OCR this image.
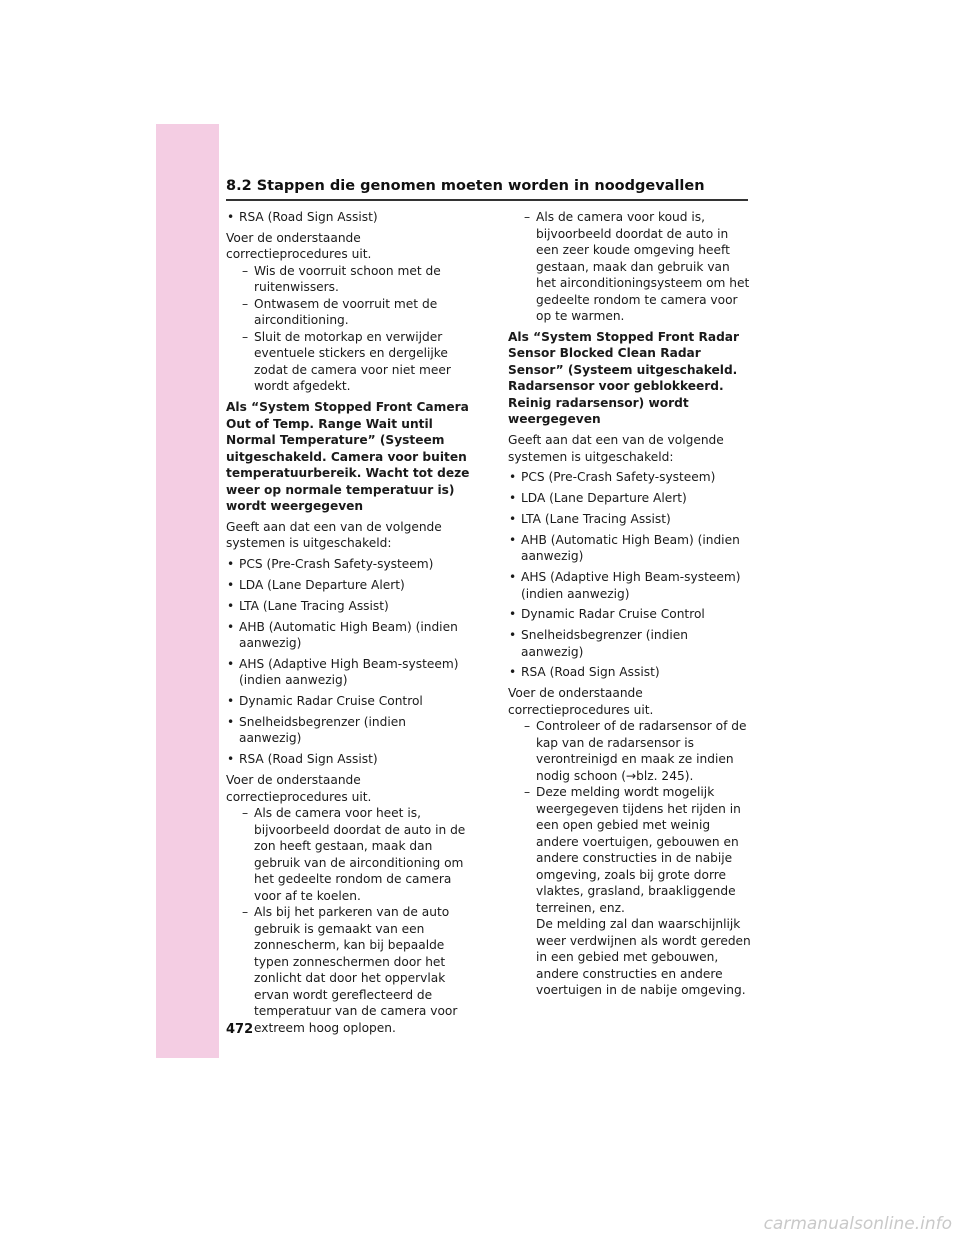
8.2 Stappen die genomen moeten worden in noodgevallen
• RSA (Road Sign Assist)
Voer de onderstaande correctieprocedures uit.
– Wis de voorruit schoon met de ruitenwissers.
– Ontwasem de voorruit met de airconditioning.
– Sluit de motorkap en verwijder eventuele stickers en dergelijke zodat de camera voor niet meer wordt afgedekt.
Als “System Stopped Front Camera Out of Temp. Range Wait until Normal Temperature” (Systeem uitgeschakeld. Camera voor buiten temperatuurbereik. Wacht tot deze weer op normale temperatuur is) wordt weergegeven
Geeft aan dat een van de volgende systemen is uitgeschakeld:
• PCS (Pre-Crash Safety-systeem)
• LDA (Lane Departure Alert)
• LTA (Lane Tracing Assist)
• AHB (Automatic High Beam) (indien aanwezig)
• AHS (Adaptive High Beam-systeem) (indien aanwezig)
• Dynamic Radar Cruise Control
• Snelheidsbegrenzer (indien aanwezig)
• RSA (Road Sign Assist)
Voer de onderstaande correctieprocedures uit.
– Als de camera voor heet is, bijvoorbeeld doordat de auto in de zon heeft gestaan, maak dan gebruik van de airconditioning om het gedeelte rondom de camera voor af te koelen.
– Als bij het parkeren van de auto gebruik is gemaakt van een zonnescherm, kan bij bepaalde typen zonneschermen door het zonlicht dat door het oppervlak ervan wordt gereflecteerd de temperatuur van de camera voor extreem hoog oplopen.
– Als de camera voor koud is, bijvoorbeeld doordat de auto in een zeer koude omgeving heeft gestaan, maak dan gebruik van het airconditioningsysteem om het gedeelte rondom te camera voor op te warmen.
Als “System Stopped Front Radar Sensor Blocked Clean Radar Sensor” (Systeem uitgeschakeld. Radarsensor voor geblokkeerd. Reinig radarsensor) wordt weergegeven
Geeft aan dat een van de volgende systemen is uitgeschakeld:
• PCS (Pre-Crash Safety-systeem)
• LDA (Lane Departure Alert)
• LTA (Lane Tracing Assist)
• AHB (Automatic High Beam) (indien aanwezig)
• AHS (Adaptive High Beam-systeem) (indien aanwezig)
• Dynamic Radar Cruise Control
• Snelheidsbegrenzer (indien aanwezig)
• RSA (Road Sign Assist)
Voer de onderstaande correctieprocedures uit.
– Controleer of de radarsensor of de kap van de radarsensor is verontreinigd en maak ze indien nodig schoon (→blz. 245).
– Deze melding wordt mogelijk weergegeven tijdens het rijden in een open gebied met weinig andere voertuigen, gebouwen en andere constructies in de nabije omgeving, zoals bij grote dorre vlaktes, grasland, braakliggende terreinen, enz.
De melding zal dan waarschijnlijk weer verdwijnen als wordt gereden in een gebied met gebouwen, andere constructies en andere voertuigen in de nabije omgeving.
472
carmanualsonline.info
